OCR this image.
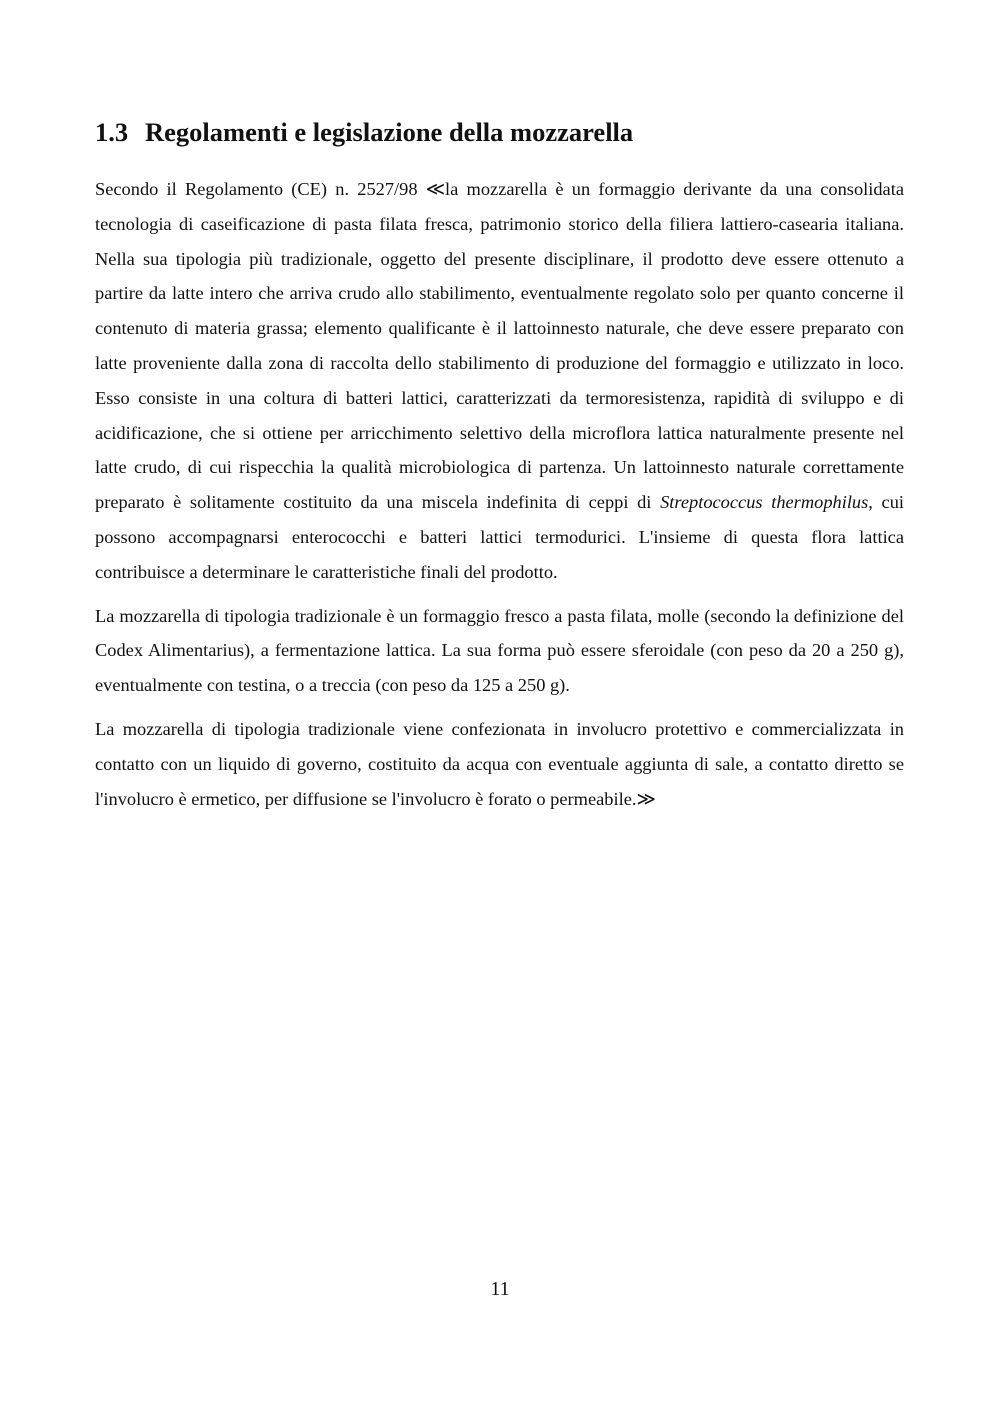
1.3 Regolamenti e legislazione della mozzarella

Secondo il Regolamento (CE) n. 2527/98 ≪la mozzarella è un formaggio derivante da una consolidata tecnologia di caseificazione di pasta filata fresca, patrimonio storico della filiera lattiero-casearia italiana. Nella sua tipologia più tradizionale, oggetto del presente disciplinare, il prodotto deve essere ottenuto a partire da latte intero che arriva crudo allo stabilimento, eventualmente regolato solo per quanto concerne il contenuto di materia grassa; elemento qualificante è il lattoinnesto naturale, che deve essere preparato con latte proveniente dalla zona di raccolta dello stabilimento di produzione del formaggio e utilizzato in loco. Esso consiste in una coltura di batteri lattici, caratterizzati da termoresistenza, rapidità di sviluppo e di acidificazione, che si ottiene per arricchimento selettivo della microflora lattica naturalmente presente nel latte crudo, di cui rispecchia la qualità microbiologica di partenza. Un lattoinnesto naturale correttamente preparato è solitamente costituito da una miscela indefinita di ceppi di Streptococcus thermophilus, cui possono accompagnarsi enterococchi e batteri lattici termodurici. L'insieme di questa flora lattica contribuisce a determinare le caratteristiche finali del prodotto.

La mozzarella di tipologia tradizionale è un formaggio fresco a pasta filata, molle (secondo la definizione del Codex Alimentarius), a fermentazione lattica. La sua forma può essere sferoidale (con peso da 20 a 250 g), eventualmente con testina, o a treccia (con peso da 125 a 250 g).

La mozzarella di tipologia tradizionale viene confezionata in involucro protettivo e commercializzata in contatto con un liquido di governo, costituito da acqua con eventuale aggiunta di sale, a contatto diretto se l'involucro è ermetico, per diffusione se l'involucro è forato o permeabile.≫

11
